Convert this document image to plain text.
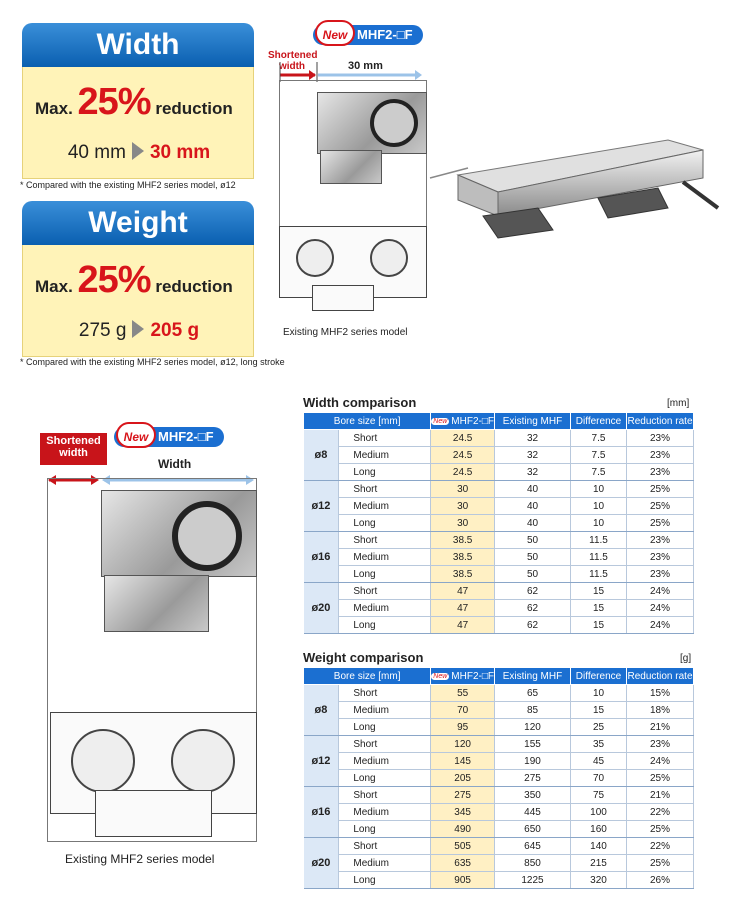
Width
Max. 25% reduction
40 mm 30 mm
* Compared with the existing MHF2 series model, ø12
Weight
Max. 25% reduction
275 g 205 g
* Compared with the existing MHF2 series model, ø12, long stroke
New MHF2-□F
Shortened width	30 mm
Existing MHF2 series model
New MHF2-□F
Shortened width
Width
Existing MHF2 series model
Width comparison	[mm]
Bore size [mm]		New MHF2-□F	Existing MHF	Difference	Reduction rate
ø8	Short	24.5	32	7.5	23%
	Medium	24.5	32	7.5	23%
	Long	24.5	32	7.5	23%
ø12	Short	30	40	10	25%
	Medium	30	40	10	25%
	Long	30	40	10	25%
ø16	Short	38.5	50	11.5	23%
	Medium	38.5	50	11.5	23%
	Long	38.5	50	11.5	23%
ø20	Short	47	62	15	24%
	Medium	47	62	15	24%
	Long	47	62	15	24%
Weight comparison	[g]
Bore size [mm]		New MHF2-□F	Existing MHF	Difference	Reduction rate
ø8	Short	55	65	10	15%
	Medium	70	85	15	18%
	Long	95	120	25	21%
ø12	Short	120	155	35	23%
	Medium	145	190	45	24%
	Long	205	275	70	25%
ø16	Short	275	350	75	21%
	Medium	345	445	100	22%
	Long	490	650	160	25%
ø20	Short	505	645	140	22%
	Medium	635	850	215	25%
	Long	905	1225	320	26%
